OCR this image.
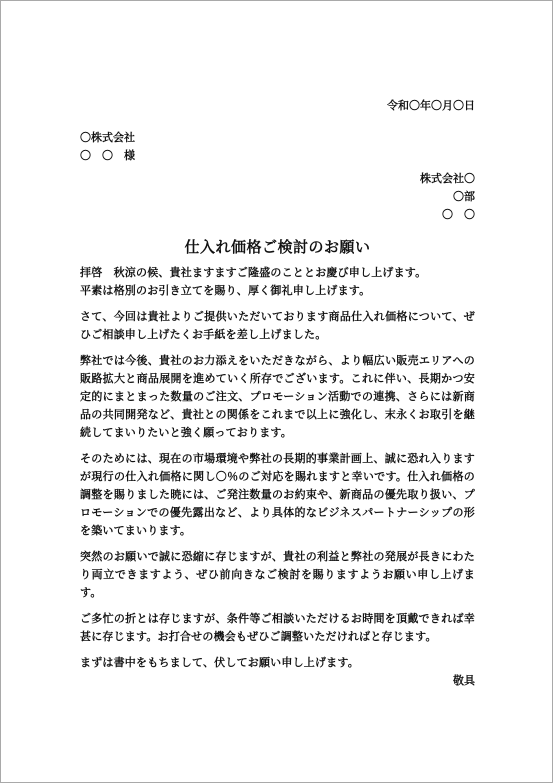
令和〇年〇月〇日
〇株式会社
〇　〇　様
株式会社〇
〇部
〇　〇
仕入れ価格ご検討のお願い
拝啓　秋涼の候、貴社ますますご隆盛のこととお慶び申し上げます。
平素は格別のお引き立てを賜り、厚く御礼申し上げます。
さて、今回は貴社よりご提供いただいております商品仕入れ価格について、ぜひご相談申し上げたくお手紙を差し上げました。
弊社では今後、貴社のお力添えをいただきながら、より幅広い販売エリアへの販路拡大と商品展開を進めていく所存でございます。これに伴い、長期かつ安定的にまとまった数量のご注文、プロモーション活動での連携、さらには新商品の共同開発など、貴社との関係をこれまで以上に強化し、末永くお取引を継続してまいりたいと強く願っております。
そのためには、現在の市場環境や弊社の長期的事業計画上、誠に恐れ入りますが現行の仕入れ価格に関し〇％のご対応を賜れますと幸いです。仕入れ価格の調整を賜りました暁には、ご発注数量のお約束や、新商品の優先取り扱い、プロモーションでの優先露出など、より具体的なビジネスパートナーシップの形を築いてまいります。
突然のお願いで誠に恐縮に存じますが、貴社の利益と弊社の発展が長きにわたり両立できますよう、ぜひ前向きなご検討を賜りますようお願い申し上げます。
ご多忙の折とは存じますが、条件等ご相談いただけるお時間を頂戴できれば幸甚に存じます。お打合せの機会もぜひご調整いただければと存じます。
まずは書中をもちまして、伏してお願い申し上げます。
敬具
